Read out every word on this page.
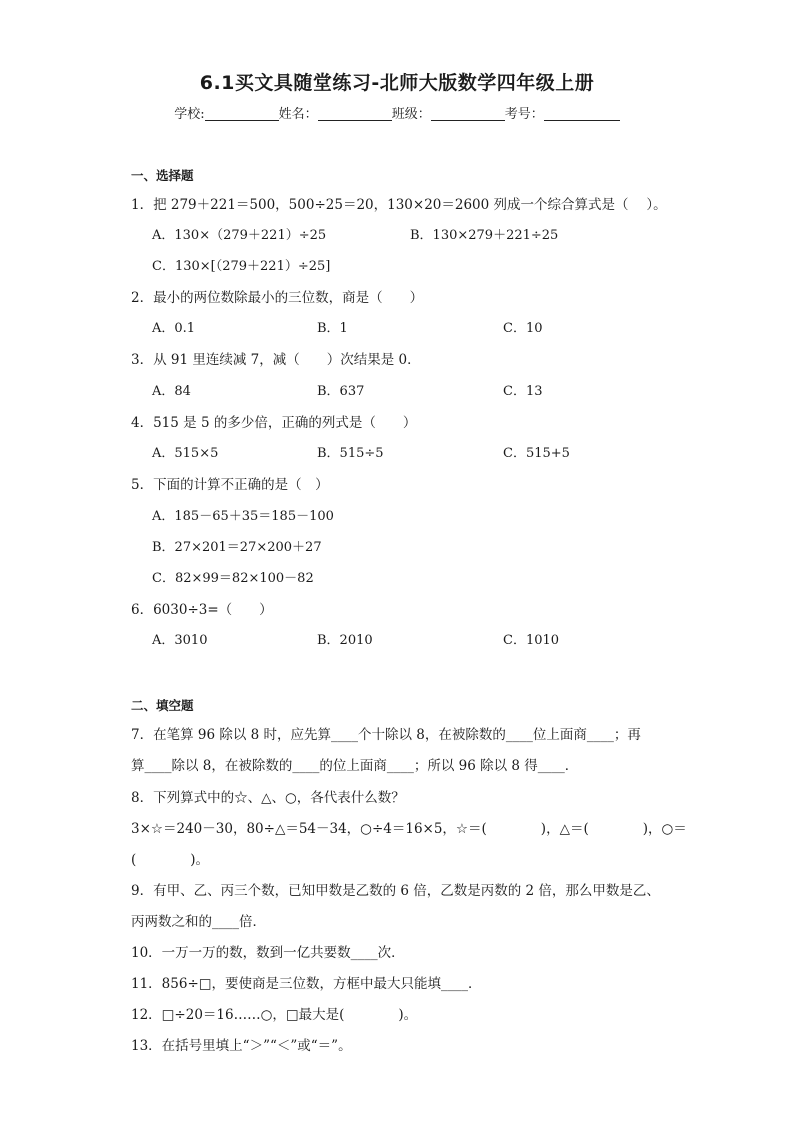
6.1买文具随堂练习-北师大版数学四年级上册
学校:	姓名：	班级：	考号：
一、选择题
1．把 279＋221＝500，500÷25＝20，130×20＝2600 列成一个综合算式是（　 ）。
A．130×（279＋221）÷25	B．130×279＋221÷25
C．130×[（279＋221）÷25]
2．最小的两位数除最小的三位数，商是（　　）
A．0.1	B．1	C．10
3．从 91 里连续减 7，减（　　）次结果是 0．
A．84	B．637	C．13
4．515 是 5 的多少倍，正确的列式是（　　）
A．515×5	B．515÷5	C．515+5
5．下面的计算不正确的是（　）
A．185－65＋35＝185－100
B．27×201＝27×200＋27
C．82×99＝82×100－82
6．6030÷3=（　　）
A．3010	B．2010	C．1010
二、填空题
7．在笔算 96 除以 8 时，应先算____个十除以 8，在被除数的____位上面商____；再
算____除以 8，在被除数的____的位上面商____；所以 96 除以 8 得____．
8．下列算式中的☆、△、○，各代表什么数？
3×☆＝240－30，80÷△＝54－34，○÷4＝16×5，☆＝(　　　　)，△＝(　　　　)，○＝
(　　　　)。
9．有甲、乙、丙三个数，已知甲数是乙数的 6 倍，乙数是丙数的 2 倍，那么甲数是乙、
丙两数之和的____倍．
10．一万一万的数，数到一亿共要数____次．
11．856÷□，要使商是三位数，方框中最大只能填____．
12．□÷20＝16……○，□最大是(　　　　)。
13．在括号里填上“＞”“＜”或“＝”。
